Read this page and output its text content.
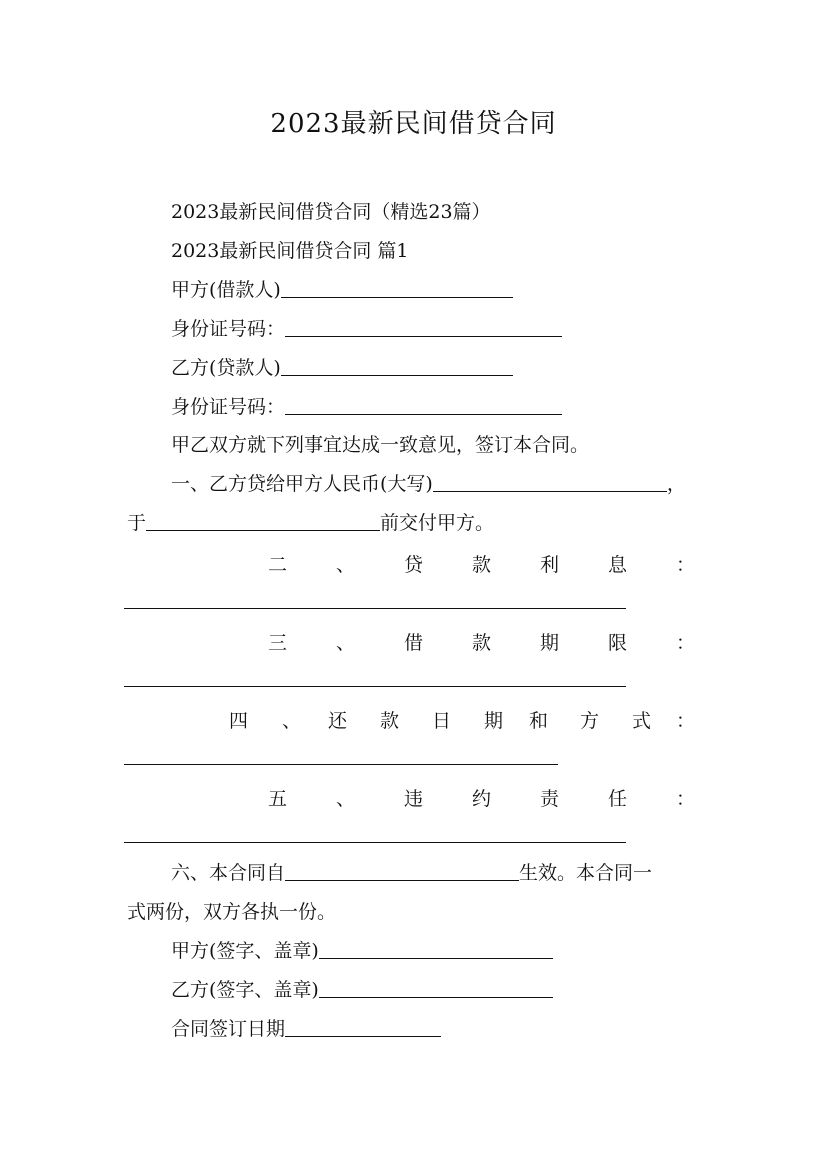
2023最新民间借贷合同
2023最新民间借贷合同（精选23篇）
2023最新民间借贷合同 篇1
甲方(借款人)
身份证号码：
乙方(贷款人)
身份证号码：
甲乙双方就下列事宜达成一致意见，签订本合同。
一、乙方贷给甲方人民币(大写)	，
于	前交付甲方。
二	、	贷	款	利	息	：
三	、	借	款	期	限	：
四 、 还 款 日 期 和 方 式 ：
五	、	违	约	责	任	：
六、本合同自	生效。本合同一
式两份，双方各执一份。
甲方(签字、盖章)
乙方(签字、盖章)
合同签订日期
